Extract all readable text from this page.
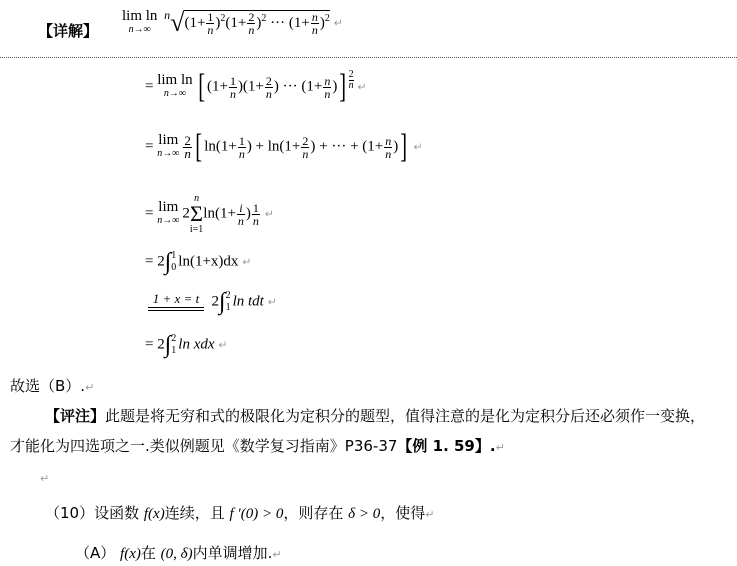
【详解】
lim ln
n→∞
$^n√(1+ \frac{1}{n} )^2(1+ \frac{2}{n} )^2$ ··· $(1+ \frac{n}{n} )^2$ ↵
= lim ln
n→∞ [ $(1+ \frac{1}{n} )(1+ \frac{2}{n}$ ) ··· ($1+ \frac{n}{n}$ )] $\frac{2}{n}$ ↵
= lim
$n\to\infty \frac{2}{n}$ [ $\ln(1+ \frac{1}{n}$ ) + $\ln(1+ \frac{2}{n}$ ) + ··· + ($1+ \frac{n}{n}$ )] ↵
= lim
n→∞ 2
n
Σ
i=1
$\ln(1+ \frac{i}{n}$ ) $\frac{1}{n}$ ↵
= 2∫ 1
0 ln(1+x)dx ↵
1 + x = t 2∫ 2
1 ln tdt ↵
= 2∫ 2
1 ln xdx ↵
故选（B）.↵
【评注】此题是将无穷和式的极限化为定积分的题型，值得注意的是化为定积分后还必须作一变换，
才能化为四选项之一.类似例题见《数学复习指南》P36-37【例 1. 59】.↵
↵
（10）设函数 f(x)连续，且 f ′(0) > 0，则存在 δ > 0，使得↵
（A） f(x)在 (0, δ)内单调增加.↵
